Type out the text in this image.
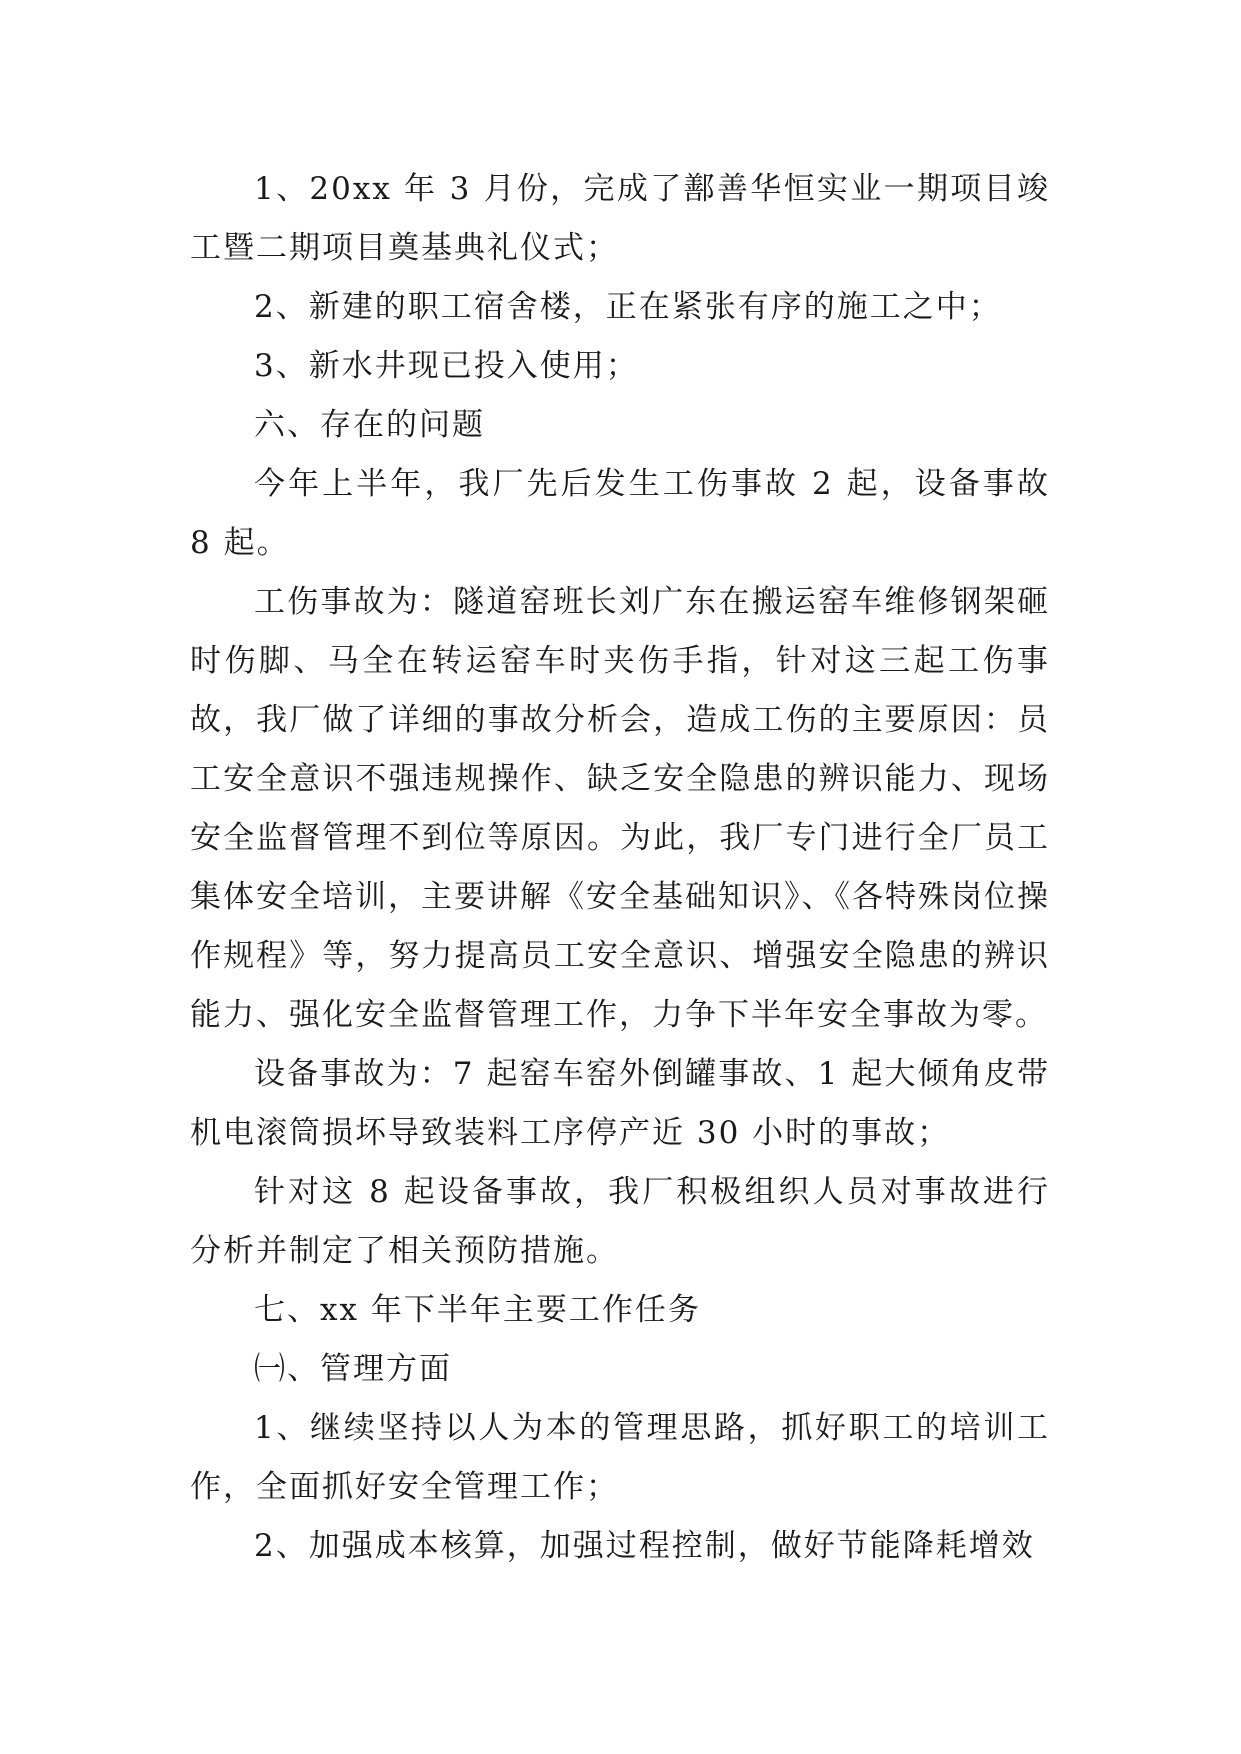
1、20xx 年 3 月份，完成了鄯善华恒实业一期项目竣工暨二期项目奠基典礼仪式；

2、新建的职工宿舍楼，正在紧张有序的施工之中；

3、新水井现已投入使用；

六、存在的问题

今年上半年，我厂先后发生工伤事故 2 起，设备事故 8 起。

工伤事故为：隧道窑班长刘广东在搬运窑车维修钢架砸时伤脚、马全在转运窑车时夹伤手指，针对这三起工伤事故，我厂做了详细的事故分析会，造成工伤的主要原因：员工安全意识不强违规操作、缺乏安全隐患的辨识能力、现场安全监督管理不到位等原因。为此，我厂专门进行全厂员工集体安全培训，主要讲解《安全基础知识》、《各特殊岗位操作规程》等，努力提高员工安全意识、增强安全隐患的辨识能力、强化安全监督管理工作，力争下半年安全事故为零。

设备事故为：7 起窑车窑外倒罐事故、1 起大倾角皮带机电滚筒损坏导致装料工序停产近 30 小时的事故；

针对这 8 起设备事故，我厂积极组织人员对事故进行分析并制定了相关预防措施。

七、xx 年下半年主要工作任务

㈠、管理方面

1、继续坚持以人为本的管理思路，抓好职工的培训工作，全面抓好安全管理工作；

2、加强成本核算，加强过程控制，做好节能降耗增效
